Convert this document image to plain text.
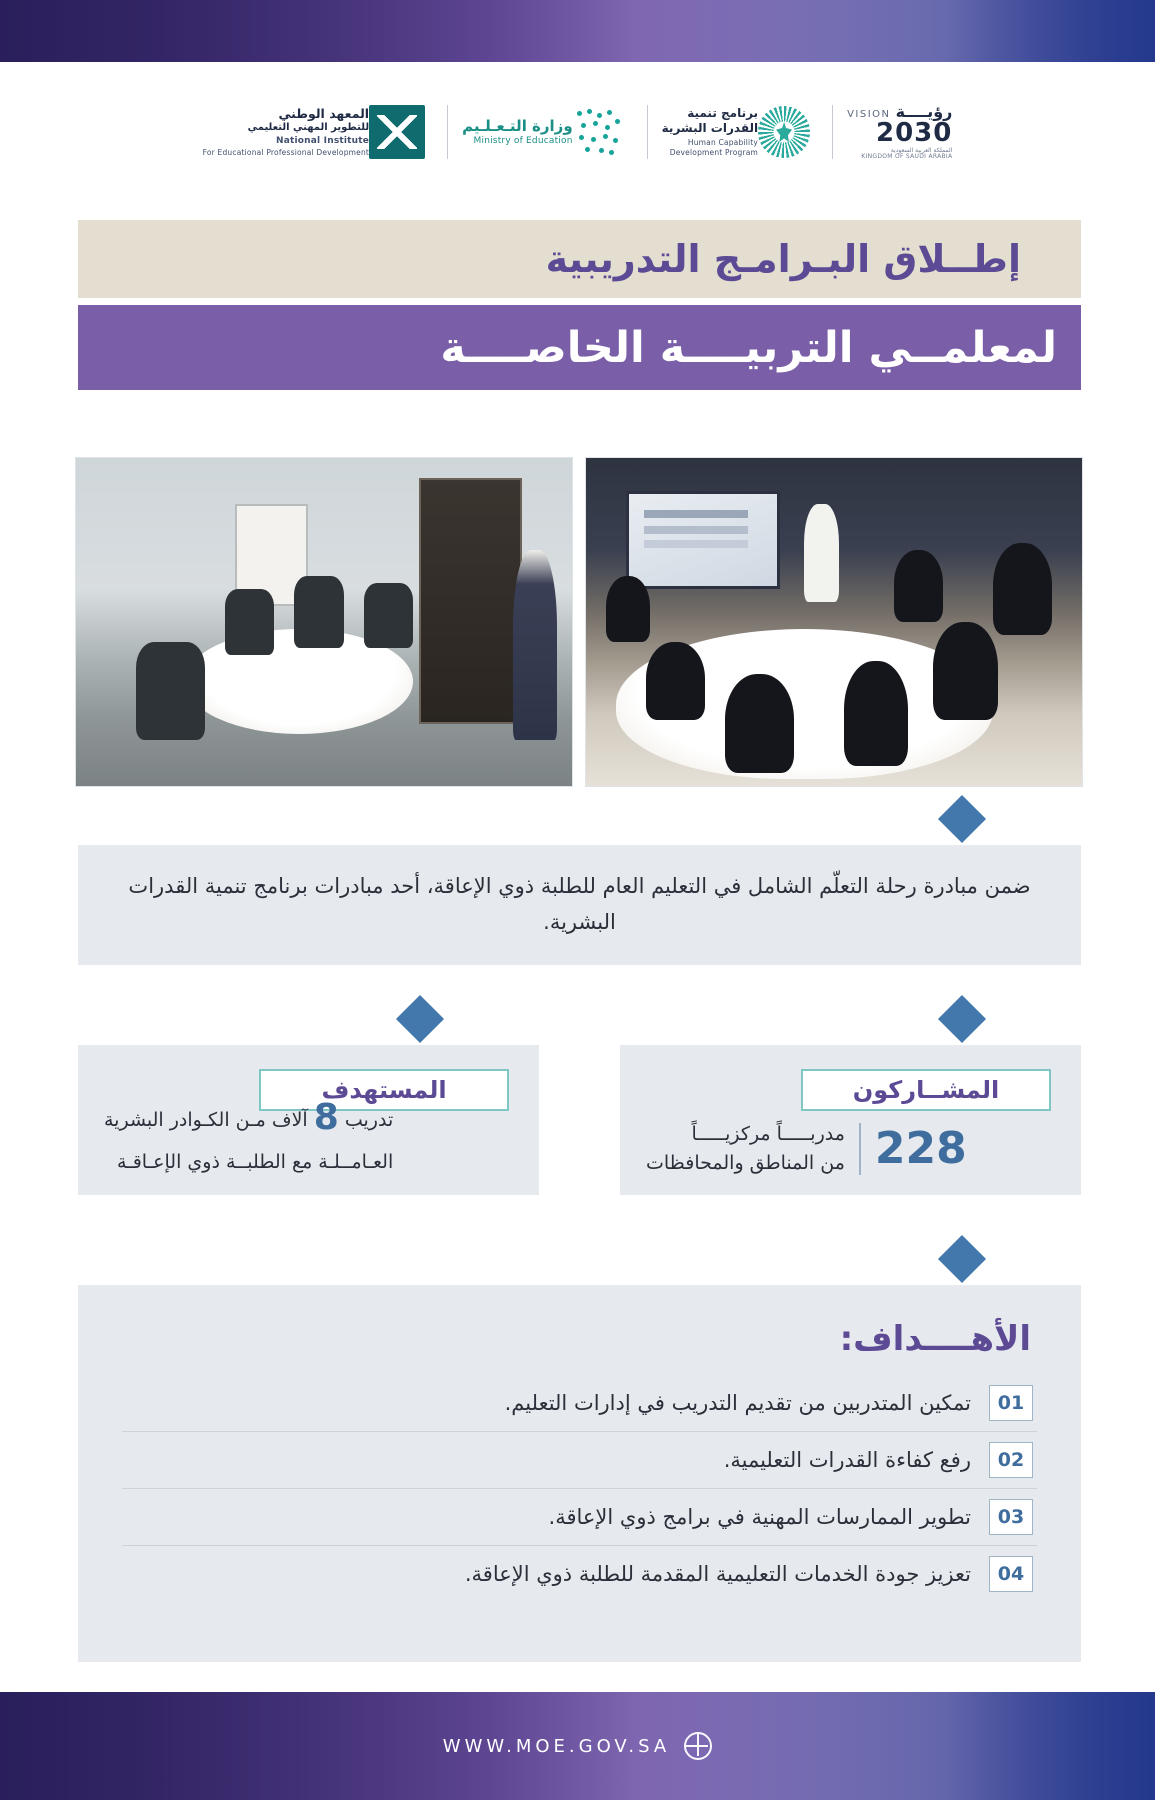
المعهد الوطني
للتطوير المهني التعليمي
National Institute
For Educational Professional Development
وزارة التـعـلـيم
Ministry of Education
برنامج تنمية
القدرات البشرية
Human Capability
Development Program
رؤيــــة VISION
2030
المملكة العربية السعودية
KINGDOM OF SAUDI ARABIA
إطــلاق البـرامـج التدريبية
لمعلمــي التربيــــة الخاصــــة
ضمن مبادرة رحلة التعلّم الشامل في التعليم العام للطلبة ذوي الإعاقة، أحد مبادرات برنامج تنمية القدرات البشرية.
المشــاركون
228
مدربـــــاً مركزيـــــاً
من المناطق والمحافظات
المستهدف
تدريب 8 آلاف مـن الكـوادر البشرية
العـامــلـة مع الطلبــة ذوي الإعـاقـة
الأهــــداف:
01
تمكين المتدربين من تقديم التدريب في إدارات التعليم.
02
رفع كفاءة القدرات التعليمية.
03
تطوير الممارسات المهنية في برامج ذوي الإعاقة.
04
تعزيز جودة الخدمات التعليمية المقدمة للطلبة ذوي الإعاقة.
WWW.MOE.GOV.SA
